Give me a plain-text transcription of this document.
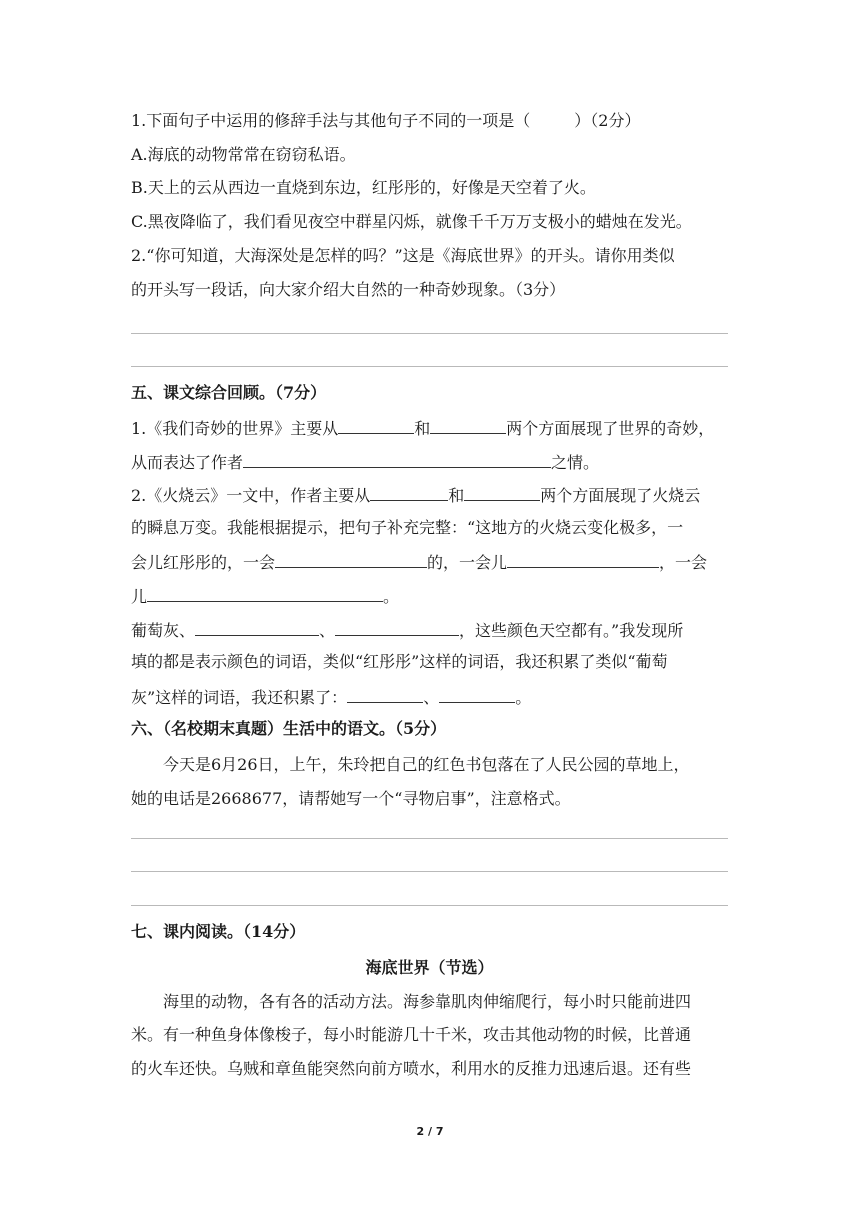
1.下面句子中运用的修辞手法与其他句子不同的一项是（	）（2分）

A.海底的动物常常在窃窃私语。

B.天上的云从西边一直烧到东边，红彤彤的，好像是天空着了火。

C.黑夜降临了，我们看见夜空中群星闪烁，就像千千万万支极小的蜡烛在发光。

2.“你可知道，大海深处是怎样的吗？”这是《海底世界》的开头。请你用类似

的开头写一段话，向大家介绍大自然的一种奇妙现象。（3分）

五、课文综合回顾。（7分）

1.《我们奇妙的世界》主要从	和	两个方面展现了世界的奇妙，

从而表达了作者	之情。

2.《火烧云》一文中，作者主要从	和	两个方面展现了火烧云

的瞬息万变。我能根据提示，把句子补充完整：“这地方的火烧云变化极多，一

会儿红彤彤的，一会	的，一会儿	，一会

儿	。

葡萄灰、	、	，这些颜色天空都有。”我发现所

填的都是表示颜色的词语，类似“红彤彤”这样的词语，我还积累了类似“葡萄

灰”这样的词语，我还积累了：	、	。

六、（名校期末真题）生活中的语文。（5分）

今天是6月26日，上午，朱玲把自己的红色书包落在了人民公园的草地上，

她的电话是2668677，请帮她写一个“寻物启事”，注意格式。

七、课内阅读。（14分）

海底世界（节选）

海里的动物，各有各的活动方法。海参靠肌肉伸缩爬行，每小时只能前进四

米。有一种鱼身体像梭子，每小时能游几十千米，攻击其他动物的时候，比普通

的火车还快。乌贼和章鱼能突然向前方喷水，利用水的反推力迅速后退。还有些

2 / 7
